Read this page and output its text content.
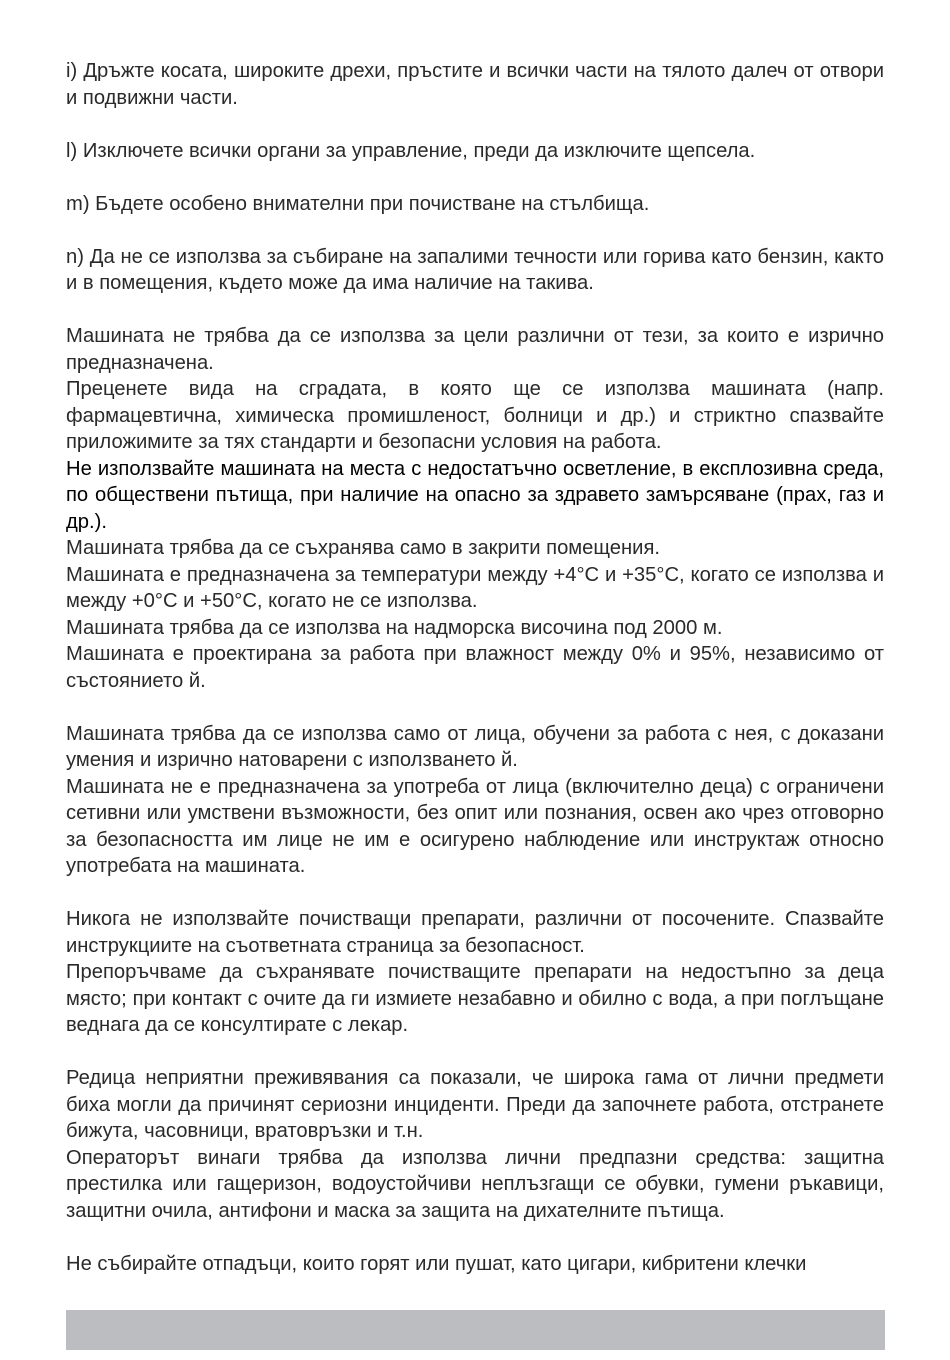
i) Дръжте косата, широките дрехи, пръстите и всички части на тялото далеч от отвори и подвижни части.

l) Изключете всички органи за управление, преди да изключите щепсела.

m) Бъдете особено внимателни при почистване на стълбища.

n) Да не се използва за събиране на запалими течности или горива като бензин, както и в помещения, където може да има наличие на такива.

Машината не трябва да се използва за цели различни от тези, за които е изрично предназначена.

Преценете вида на сградата, в която ще се използва машината (напр. фармацевтична, химическа промишленост, болници и др.) и стриктно спазвайте приложимите за тях стандарти и безопасни условия на работа.

Не използвайте машината на места с недостатъчно осветление, в експлозивна среда, по обществени пътища, при наличие на опасно за здравето замърсяване (прах, газ и др.).

Машината трябва да се съхранява само в закрити помещения.

Машината е предназначена за температури между +4°C и +35°C, когато се използва и между +0°C и +50°C, когато не се използва.

Машината трябва да се използва на надморска височина под 2000 м.

Машината е проектирана за работа при влажност между 0% и 95%, независимо от състоянието й.

Машината трябва да се използва само от лица, обучени за работа с нея, с доказани умения и изрично натоварени с използването й.

Машината не е предназначена за употреба от лица (включително деца) с ограничени сетивни или умствени възможности, без опит или познания, освен ако чрез отговорно за безопасността им лице не им е осигурено наблюдение или инструктаж относно употребата на машината.

Никога не използвайте почистващи препарати, различни от посочените. Спазвайте инструкциите на съответната страница за безопасност.

Препоръчваме да съхранявате почистващите препарати на недостъпно за деца място; при контакт с очите да ги измиете незабавно и обилно с вода, а при поглъщане веднага да се консултирате с лекар.

Редица неприятни преживявания са показали, че широка гама от лични предмети биха могли да причинят сериозни инциденти. Преди да започнете работа, отстранете бижута, часовници, вратовръзки и т.н.

Операторът винаги трябва да използва лични предпазни средства: защитна престилка или гащеризон, водоустойчиви неплъзгащи се обувки, гумени ръкавици, защитни очила, антифони и маска за защита на дихателните пътища.

Не събирайте отпадъци, които горят или пушат, като цигари, кибритени клечки
